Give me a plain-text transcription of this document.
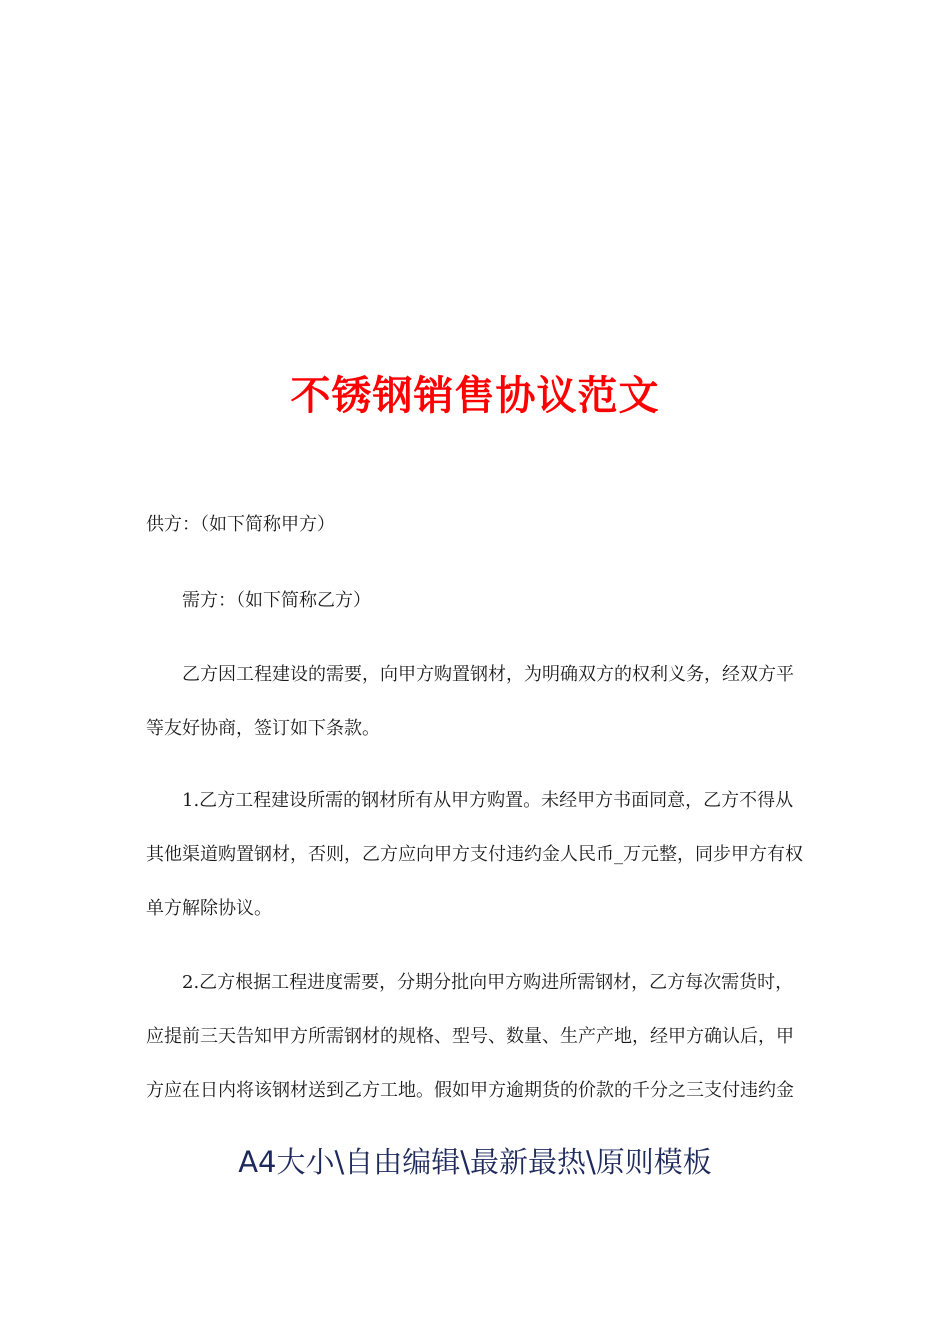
不锈钢销售协议范文

供方：（如下简称甲方）

需方：（如下简称乙方）

乙方因工程建设的需要，向甲方购置钢材，为明确双方的权利义务，经双方平等友好协商，签订如下条款。

1.乙方工程建设所需的钢材所有从甲方购置。未经甲方书面同意，乙方不得从其他渠道购置钢材，否则，乙方应向甲方支付违约金人民币_万元整，同步甲方有权单方解除协议。

2.乙方根据工程进度需要，分期分批向甲方购进所需钢材，乙方每次需货时，应提前三天告知甲方所需钢材的规格、型号、数量、生产产地，经甲方确认后，甲方应在日内将该钢材送到乙方工地。假如甲方逾期货的价款的千分之三支付违约金

A4大小\自由编辑\最新最热\原则模板
